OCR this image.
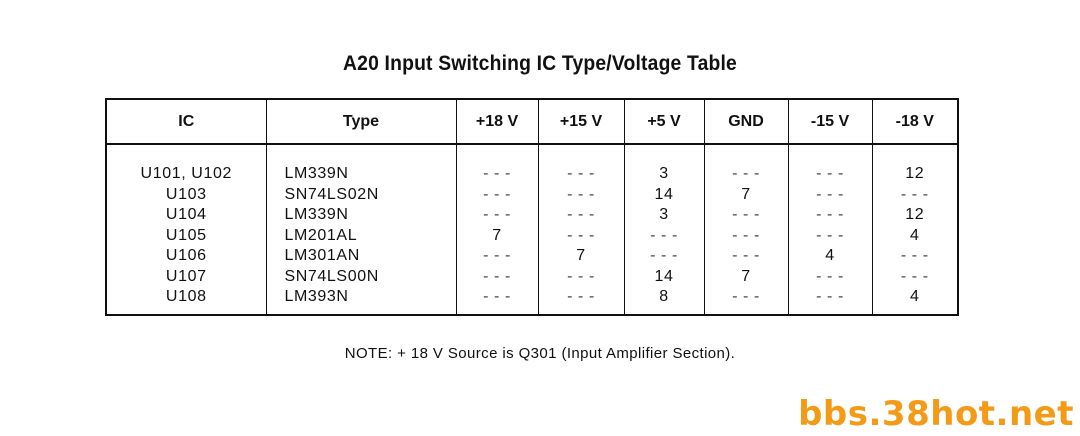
A20 Input Switching IC Type/Voltage Table
IC	Type	+18 V	+15 V	+5 V	GND	-15 V	-18 V

U101, U102	LM339N	- - -	- - -	3	- - -	- - -	12
U103	SN74LS02N	- - -	- - -	14	7	- - -	- - -
U104	LM339N	- - -	- - -	3	- - -	- - -	12
U105	LM201AL	7	- - -	- - -	- - -	- - -	4
U106	LM301AN	- - -	7	- - -	- - -	4	- - -
U107	SN74LS00N	- - -	- - -	14	7	- - -	- - -
U108	LM393N	- - -	- - -	8	- - -	- - -	4
NOTE: + 18 V Source is Q301 (Input Amplifier Section).
bbs.38hot.net
